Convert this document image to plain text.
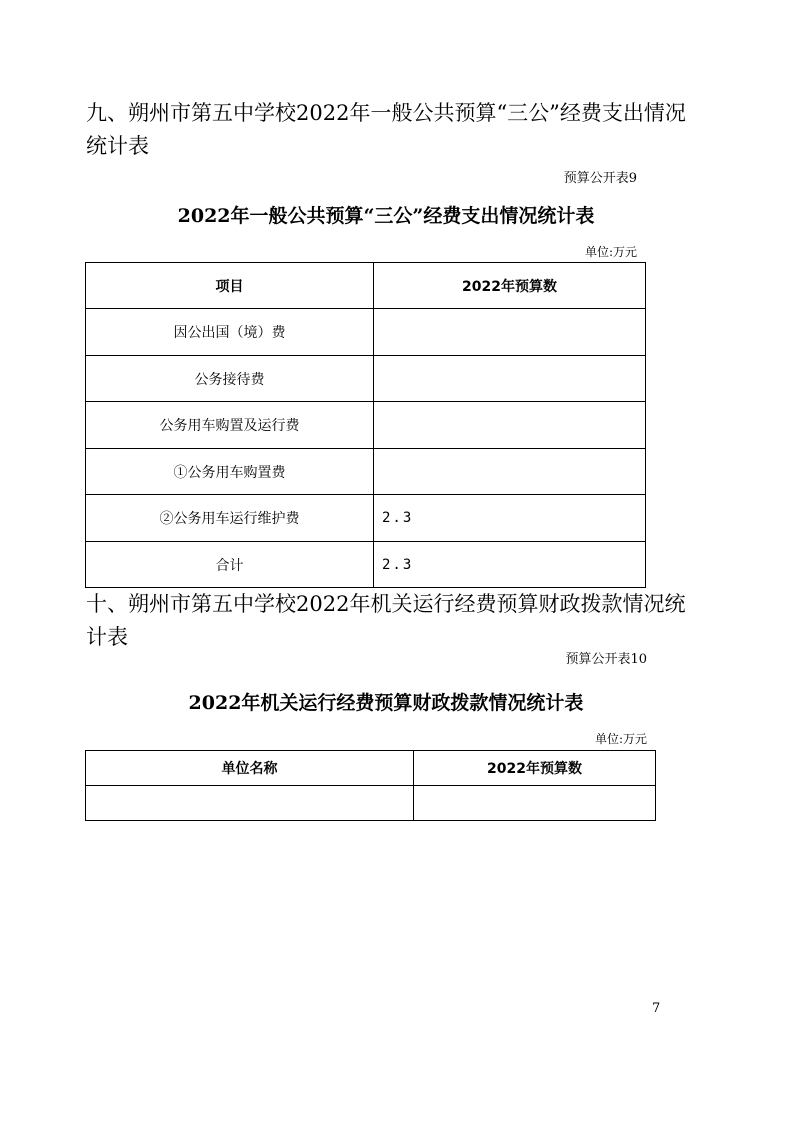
九、朔州市第五中学校2022年一般公共预算“三公”经费支出情况统计表

预算公开表9

2022年一般公共预算“三公”经费支出情况统计表

单位:万元
项目	2022年预算数
因公出国（境）费	
公务接待费	
公务用车购置及运行费	
①公务用车购置费	
②公务用车运行维护费	2.3
合计	2.3

十、朔州市第五中学校2022年机关运行经费预算财政拨款情况统计表

预算公开表10

2022年机关运行经费预算财政拨款情况统计表

单位:万元
单位名称	2022年预算数

7
